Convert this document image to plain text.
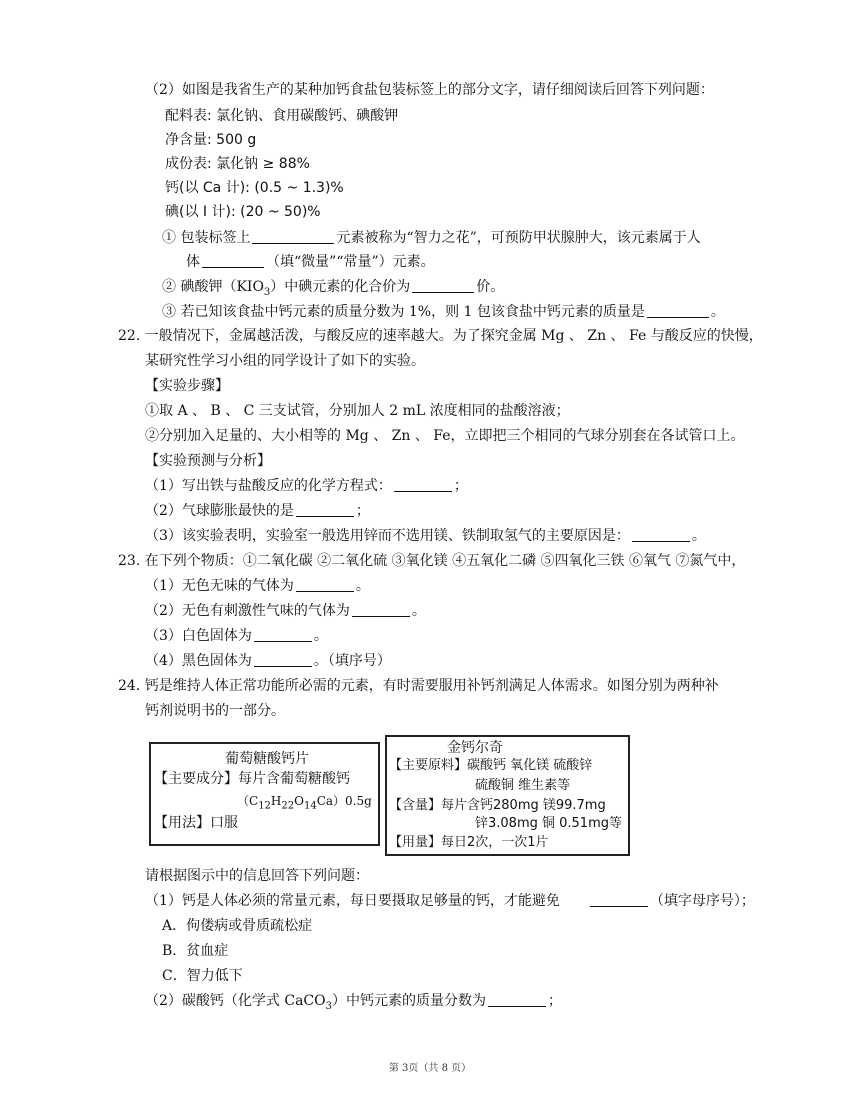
（2）如图是我省生产的某种加钙食盐包装标签上的部分文字，请仔细阅读后回答下列问题：
配料表: 氯化钠、食用碳酸钙、碘酸钾
净含量: 500 g
成份表: 氯化钠 ≥ 88%
钙(以 Ca 计): (0.5 ~ 1.3)%
碘(以 I 计): (20 ~ 50)%
① 包装标签上	元素被称为“智力之花”，可预防甲状腺肿大，该元素属于人
体	（填“微量”“常量”）元素。
② 碘酸钾$(KIO_3)$中碘元素的化合价为	价。
③ 若已知该食盐中钙元素的质量分数为 1%，则 1 包该食盐中钙元素的质量是	。
22. 一般情况下，金属越活泼，与酸反应的速率越大。为了探究金属 Mg 、 Zn 、 Fe 与酸反应的快慢，
某研究性学习小组的同学设计了如下的实验。
【实验步骤】
①取 A 、 B 、 C 三支试管，分别加人 2 mL 浓度相同的盐酸溶液；
②分别加入足量的、大小相等的 Mg 、 Zn 、 Fe，立即把三个相同的气球分别套在各试管口上。
【实验预测与分析】
（1）写出铁与盐酸反应的化学方程式：	；
（2）气球膨胀最快的是	；
（3）该实验表明，实验室一般选用锌而不选用镁、铁制取氢气的主要原因是：	。
23. 在下列个物质：①二氧化碳 ②二氧化硫 ③氧化镁 ④五氧化二磷 ⑤四氧化三铁 ⑥氧气 ⑦氮气中，
（1）无色无味的气体为	。
（2）无色有刺激性气味的气体为	。
（3）白色固体为	。
（4）黑色固体为	。（填序号）
24. 钙是维持人体正常功能所必需的元素，有时需要服用补钙剂满足人体需求。如图分别为两种补
钙剂说明书的一部分。
葡萄糖酸钙片
【主要成分】每片含葡萄糖酸钙
$(C_{12}H_{22}O_{14}Ca)0.5g$
【用法】口服
金钙尔奇
【主要原料】碳酸钙 氧化镁 硫酸锌
硫酸铜 维生素等
【含量】每片含钙280mg 镁99.7mg
锌3.08mg 铜 0.51mg等
【用量】每日2次，一次1片
请根据图示中的信息回答下列问题：
（1）钙是人体必须的常量元素，每日要摄取足够量的钙，才能避免	（填字母序号）；
A．佝偻病或骨质疏松症
B．贫血症
C．智力低下
（2）碳酸钙（化学式 CaCO$_3$）中钙元素的质量分数为	；
第 3页（共 8 页）
